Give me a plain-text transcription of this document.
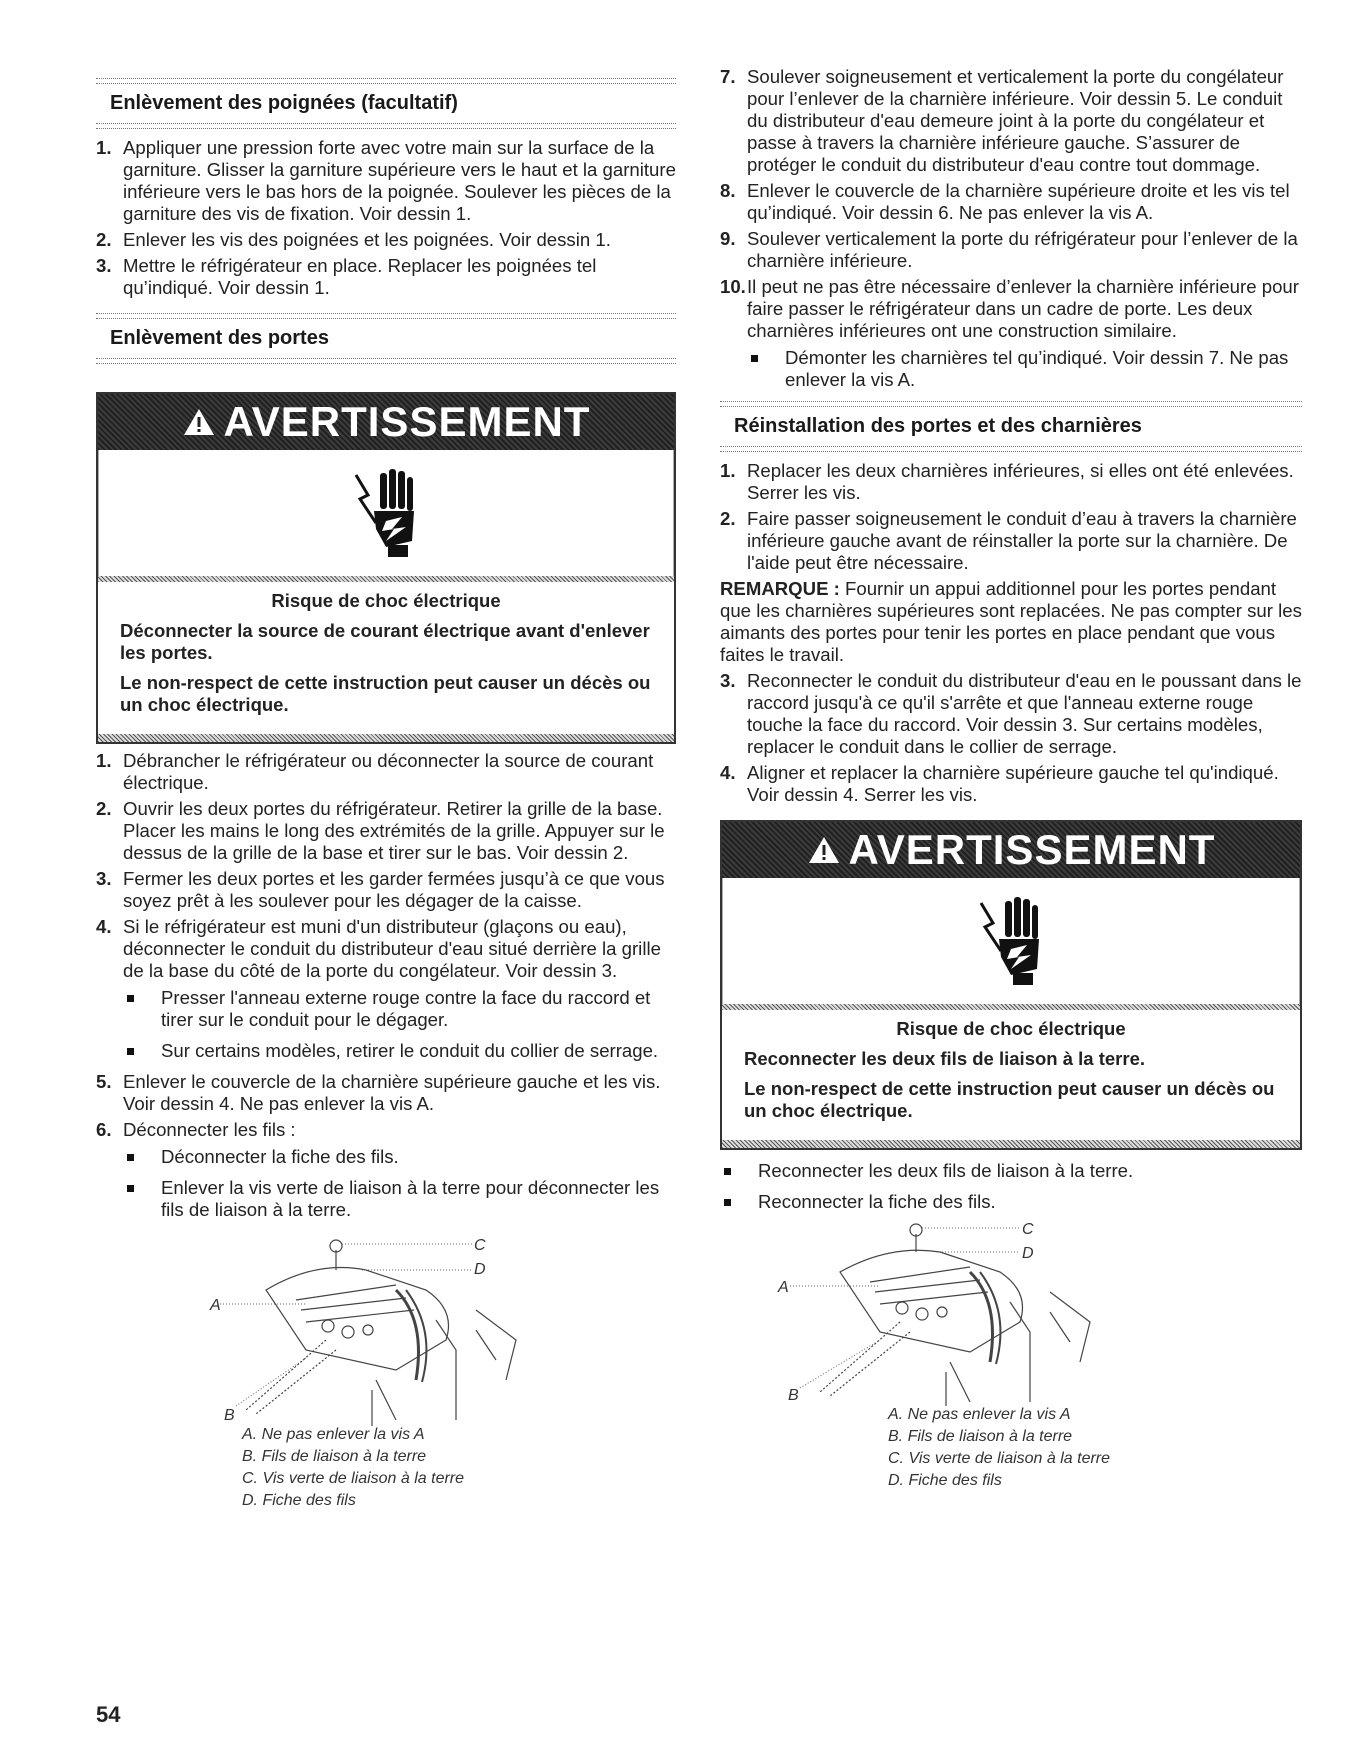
Enlèvement des poignées (facultatif)
1. Appliquer une pression forte avec votre main sur la surface de la garniture. Glisser la garniture supérieure vers le haut et la garniture inférieure vers le bas hors de la poignée. Soulever les pièces de la garniture des vis de fixation. Voir dessin 1.
2. Enlever les vis des poignées et les poignées. Voir dessin 1.
3. Mettre le réfrigérateur en place. Replacer les poignées tel qu’indiqué. Voir dessin 1.
Enlèvement des portes
AVERTISSEMENT
Risque de choc électrique

Déconnecter la source de courant électrique avant d'enlever les portes.

Le non-respect de cette instruction peut causer un décès ou un choc électrique.

1. Débrancher le réfrigérateur ou déconnecter la source de courant électrique.
2. Ouvrir les deux portes du réfrigérateur. Retirer la grille de la base. Placer les mains le long des extrémités de la grille. Appuyer sur le dessus de la grille de la base et tirer sur le bas. Voir dessin 2.
3. Fermer les deux portes et les garder fermées jusqu’à ce que vous soyez prêt à les soulever pour les dégager de la caisse.
4. Si le réfrigérateur est muni d'un distributeur (glaçons ou eau), déconnecter le conduit du distributeur d'eau situé derrière la grille de la base du côté de la porte du congélateur. Voir dessin 3.
Presser l'anneau externe rouge contre la face du raccord et tirer sur le conduit pour le dégager.
Sur certains modèles, retirer le conduit du collier de serrage.
5. Enlever le couvercle de la charnière supérieure gauche et les vis. Voir dessin 4. Ne pas enlever la vis A.
6. Déconnecter les fils :
Déconnecter la fiche des fils.
Enlever la vis verte de liaison à la terre pour déconnecter les fils de liaison à la terre.
C
D
A
B
A. Ne pas enlever la vis A
B. Fils de liaison à la terre
C. Vis verte de liaison à la terre
D. Fiche des fils
7. Soulever soigneusement et verticalement la porte du congélateur pour l’enlever de la charnière inférieure. Voir dessin 5. Le conduit du distributeur d'eau demeure joint à la porte du congélateur et passe à travers la charnière inférieure gauche. S’assurer de protéger le conduit du distributeur d'eau contre tout dommage.
8. Enlever le couvercle de la charnière supérieure droite et les vis tel qu’indiqué. Voir dessin 6. Ne pas enlever la vis A.
9. Soulever verticalement la porte du réfrigérateur pour l’enlever de la charnière inférieure.
10. Il peut ne pas être nécessaire d’enlever la charnière inférieure pour faire passer le réfrigérateur dans un cadre de porte. Les deux charnières inférieures ont une construction similaire.
Démonter les charnières tel qu’indiqué. Voir dessin 7. Ne pas enlever la vis A.
Réinstallation des portes et des charnières
1. Replacer les deux charnières inférieures, si elles ont été enlevées. Serrer les vis.
2. Faire passer soigneusement le conduit d’eau à travers la charnière inférieure gauche avant de réinstaller la porte sur la charnière. De l'aide peut être nécessaire.
REMARQUE : Fournir un appui additionnel pour les portes pendant que les charnières supérieures sont replacées. Ne pas compter sur les aimants des portes pour tenir les portes en place pendant que vous faites le travail.
3. Reconnecter le conduit du distributeur d'eau en le poussant dans le raccord jusqu'à ce qu'il s'arrête et que l'anneau externe rouge touche la face du raccord. Voir dessin 3. Sur certains modèles, replacer le conduit dans le collier de serrage.
4. Aligner et replacer la charnière supérieure gauche tel qu'indiqué. Voir dessin 4. Serrer les vis.
AVERTISSEMENT
Risque de choc électrique

Reconnecter les deux fils de liaison à la terre.

Le non-respect de cette instruction peut causer un décès ou un choc électrique.

Reconnecter les deux fils de liaison à la terre.
Reconnecter la fiche des fils.
C
D
A
B
A. Ne pas enlever la vis A
B. Fils de liaison à la terre
C. Vis verte de liaison à la terre
D. Fiche des fils
54
